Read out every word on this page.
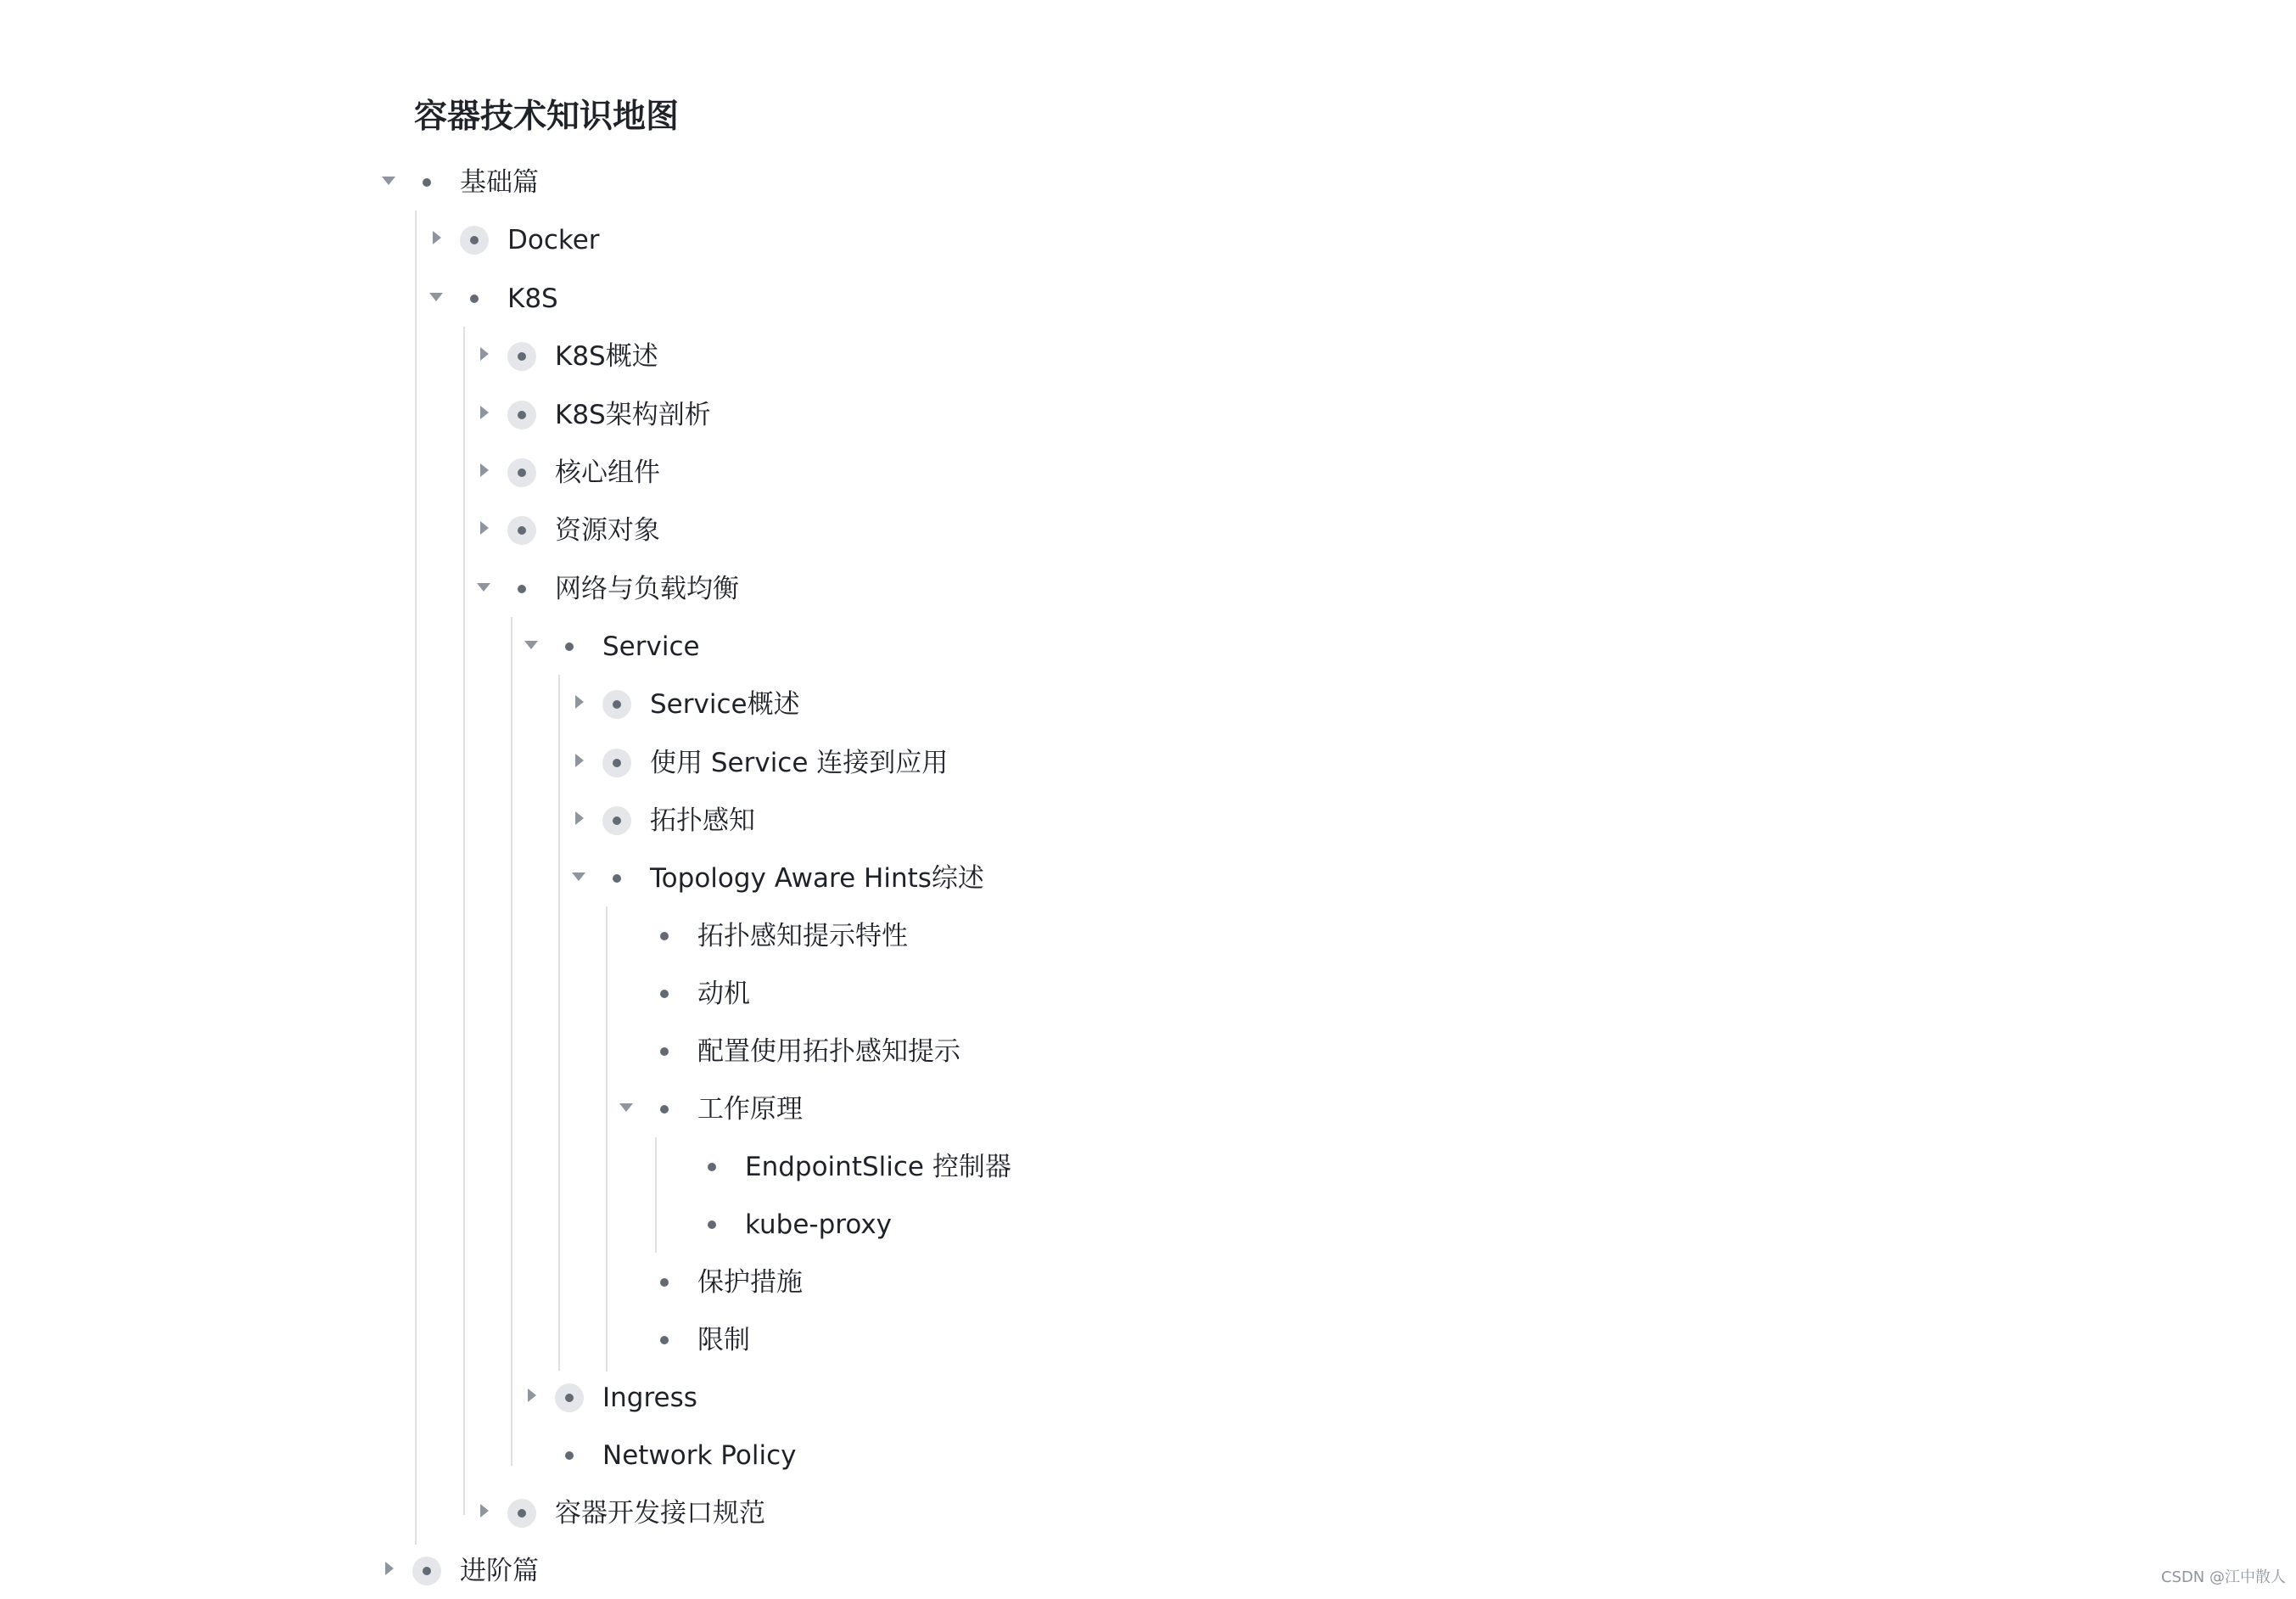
容器技术知识地图
基础篇
Docker
K8S
K8S概述
K8S架构剖析
核心组件
资源对象
网络与负载均衡
Service
Service概述
使用 Service 连接到应用
拓扑感知
Topology Aware Hints综述
拓扑感知提示特性
动机
配置使用拓扑感知提示
工作原理
EndpointSlice 控制器
kube-proxy
保护措施
限制
Ingress
Network Policy
容器开发接口规范
进阶篇	CSDN @江中散人
